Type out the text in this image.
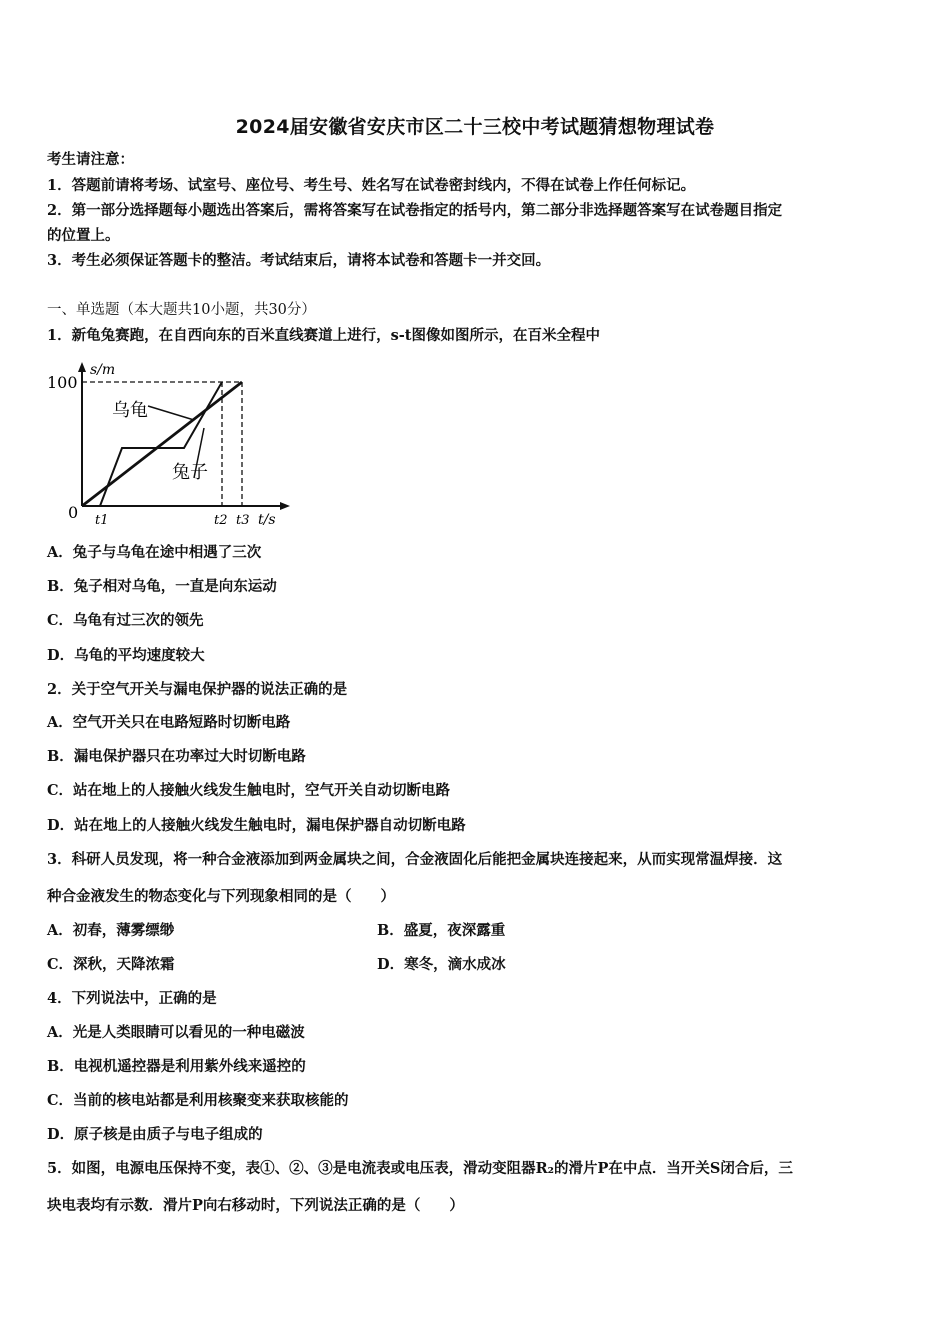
2024届安徽省安庆市区二十三校中考试题猜想物理试卷
考生请注意：
1．答题前请将考场、试室号、座位号、考生号、姓名写在试卷密封线内，不得在试卷上作任何标记。
2．第一部分选择题每小题选出答案后，需将答案写在试卷指定的括号内，第二部分非选择题答案写在试卷题目指定
的位置上。
3．考生必须保证答题卡的整洁。考试结束后，请将本试卷和答题卡一并交回。
一、单选题（本大题共10小题，共30分）
1．新龟兔赛跑，在自西向东的百米直线赛道上进行，s-t图像如图所示，在百米全程中
100
s/m
0 t1	t2 t3 t/s
乌龟
兔子
A．兔子与乌龟在途中相遇了三次
B．兔子相对乌龟，一直是向东运动
C．乌龟有过三次的领先
D．乌龟的平均速度较大
2．关于空气开关与漏电保护器的说法正确的是
A．空气开关只在电路短路时切断电路
B．漏电保护器只在功率过大时切断电路
C．站在地上的人接触火线发生触电时，空气开关自动切断电路
D．站在地上的人接触火线发生触电时，漏电保护器自动切断电路
3．科研人员发现，将一种合金液添加到两金属块之间，合金液固化后能把金属块连接起来，从而实现常温焊接．这
种合金液发生的物态变化与下列现象相同的是（　　）
A．初春，薄雾缥缈	B．盛夏，夜深露重
C．深秋，天降浓霜	D．寒冬，滴水成冰
4．下列说法中，正确的是
A．光是人类眼睛可以看见的一种电磁波
B．电视机遥控器是利用紫外线来遥控的
C．当前的核电站都是利用核聚变来获取核能的
D．原子核是由质子与电子组成的
5．如图，电源电压保持不变，表①、②、③是电流表或电压表，滑动变阻器R₂的滑片P在中点．当开关S闭合后，三
块电表均有示数．滑片P向右移动时，下列说法正确的是（　　）
